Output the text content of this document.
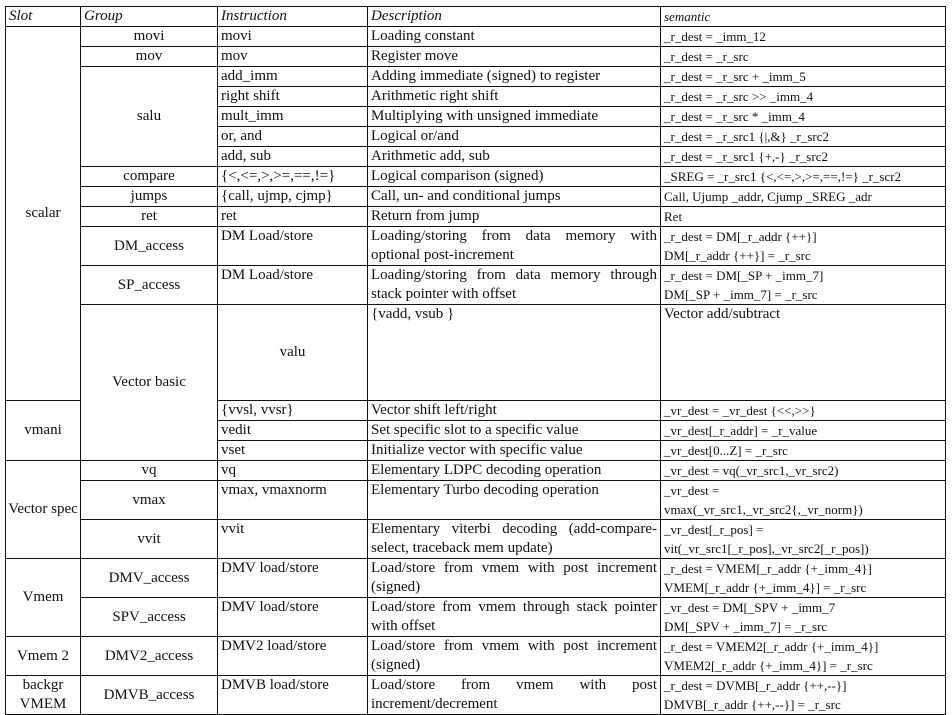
Slot	Group	Instruction	Description	semantic	
scalar	movi	movi	Loading constant	_r_dest = _imm_12	
	mov	mov	Register move	_r_dest = _r_src	
	salu	add_imm	Adding immediate (signed) to register	_r_dest = _r_src + _imm_5	
		right shift	Arithmetic right shift	_r_dest = _r_src >> _imm_4	
		mult_imm	Multiplying with unsigned immediate	_r_dest = _r_src * _imm_4	
		or, and	Logical or/and	_r_dest = _r_src1 {|,&} _r_src2	
		add, sub	Arithmetic add, sub	_r_dest = _r_src1 {+,-} _r_src2	
	compare	{<,<=,>,>=,==,!=}	Logical comparison (signed)	_SREG = _r_src1 {<,<=,>,>=,==,!=} _r_scr2	
	jumps	{call, ujmp, cjmp}	Call, un- and conditional jumps	Call, Ujump _addr, Cjump _SREG _adr	
	ret	ret	Return from jump	Ret	
	DM_access	DM Load/store	Loading/storing from data memory with optional post-increment	_r_dest = DM[_r_addr {++}]
DM[_r_addr {++}] = _r_src	
	SP_access	DM Load/store	Loading/storing from data memory through stack pointer with offset	_r_dest = DM[_SP + _imm_7]
DM[_SP + _imm_7] = _r_src	
	Vector basic	valu	{vadd, vsub }	Vector add/subtract	
vmani		{vvsl, vvsr}	Vector shift left/right	_vr_dest = _vr_dest {<<,>>}	
		vedit	Set specific slot to a specific value	_vr_dest[_r_addr] = _r_value	
		vset	Initialize vector with specific value	_vr_dest[0...Z] = _r_src	
Vector spec	vq	vq	Elementary LDPC decoding operation	_vr_dest = vq(_vr_src1,_vr_src2)	
	vmax	vmax, vmaxnorm	Elementary Turbo decoding operation	_vr_dest =
vmax(_vr_src1,_vr_src2{,_vr_norm})	
	vvit	vvit	Elementary viterbi decoding (add-compare-select, traceback mem update)	_vr_dest[_r_pos] =
vit(_vr_src1[_r_pos],_vr_src2[_r_pos])	
Vmem	DMV_access	DMV load/store	Load/store from vmem with post increment (signed)	_r_dest = VMEM[_r_addr {+_imm_4}]
VMEM[_r_addr {+_imm_4}] = _r_src	
	SPV_access	DMV load/store	Load/store from vmem through stack pointer with offset	_vr_dest = DM[_SPV + _imm_7
DM[_SPV + _imm_7] = _r_src	
Vmem 2	DMV2_access	DMV2 load/store	Load/store from vmem with post increment (signed)	_r_dest = VMEM2[_r_addr {+_imm_4}]
VMEM2[_r_addr {+_imm_4}] = _r_src	
backgr VMEM	DMVB_access	DMVB load/store	Load/store from vmem with post increment/decrement	_r_dest = DVMB[_r_addr {++,--}]
DMVB[_r_addr {++,--}] = _r_src	
